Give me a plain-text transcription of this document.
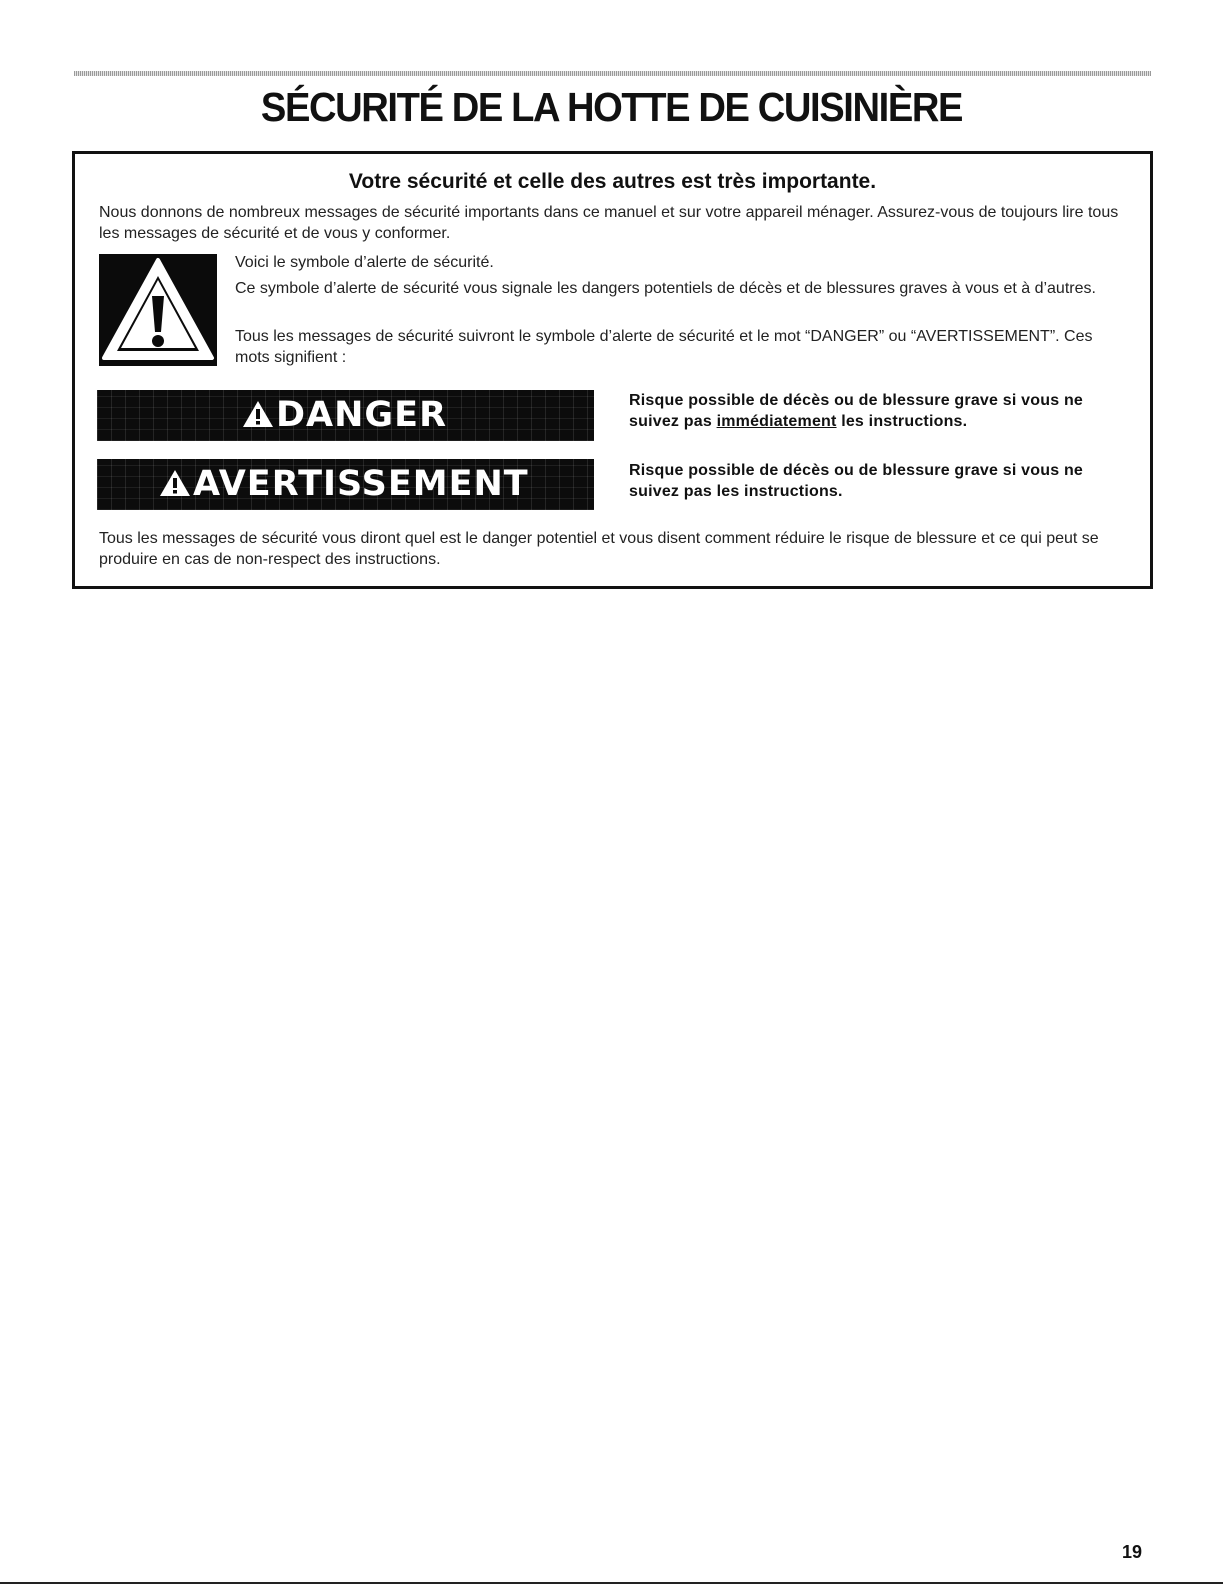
SÉCURITÉ DE LA HOTTE DE CUISINIÈRE
Votre sécurité et celle des autres est très importante.
Nous donnons de nombreux messages de sécurité importants dans ce manuel et sur votre appareil ménager. Assurez-vous de toujours lire tous les messages de sécurité et de vous y conformer.

Voici le symbole d’alerte de sécurité.

Ce symbole d’alerte de sécurité vous signale les dangers potentiels de décès et de blessures graves à vous et à d’autres.

Tous les messages de sécurité suivront le symbole d’alerte de sécurité et le mot “DANGER” ou “AVERTISSEMENT”. Ces mots signifient :

DANGER	Risque possible de décès ou de blessure grave si vous ne suivez pas immédiatement les instructions.

AVERTISSEMENT	Risque possible de décès ou de blessure grave si vous ne suivez pas les instructions.

Tous les messages de sécurité vous diront quel est le danger potentiel et vous disent comment réduire le risque de blessure et ce qui peut se produire en cas de non-respect des instructions.

19
